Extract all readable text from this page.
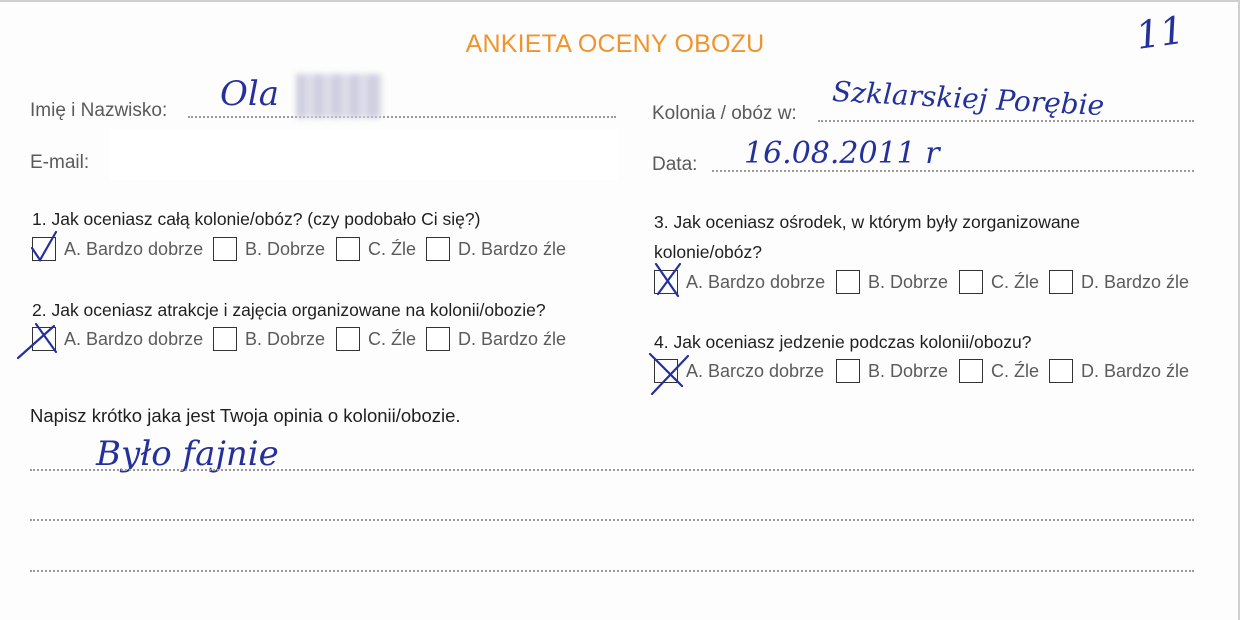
ANKIETA OCENY OBOZU	11
Imię i Nazwisko: Ola
E-mail:
Kolonia / obóz w: Szklarskiej Porębie
Data: 16.08.2011 r
1. Jak oceniasz całą kolonie/obóz? (czy podobało Ci się?)
A. Bardzo dobrze B. Dobrze C. Źle D. Bardzo źle
2. Jak oceniasz atrakcje i zajęcia organizowane na kolonii/obozie?
A. Bardzo dobrze B. Dobrze C. Źle D. Bardzo źle
3. Jak oceniasz ośrodek, w którym były zorganizowane
kolonie/obóz?
A. Bardzo dobrze B. Dobrze C. Źle D. Bardzo źle
4. Jak oceniasz jedzenie podczas kolonii/obozu?
A. Barczo dobrze B. Dobrze C. Źle D. Bardzo źle
Napisz krótko jaka jest Twoja opinia o kolonii/obozie.
Było fajnie
